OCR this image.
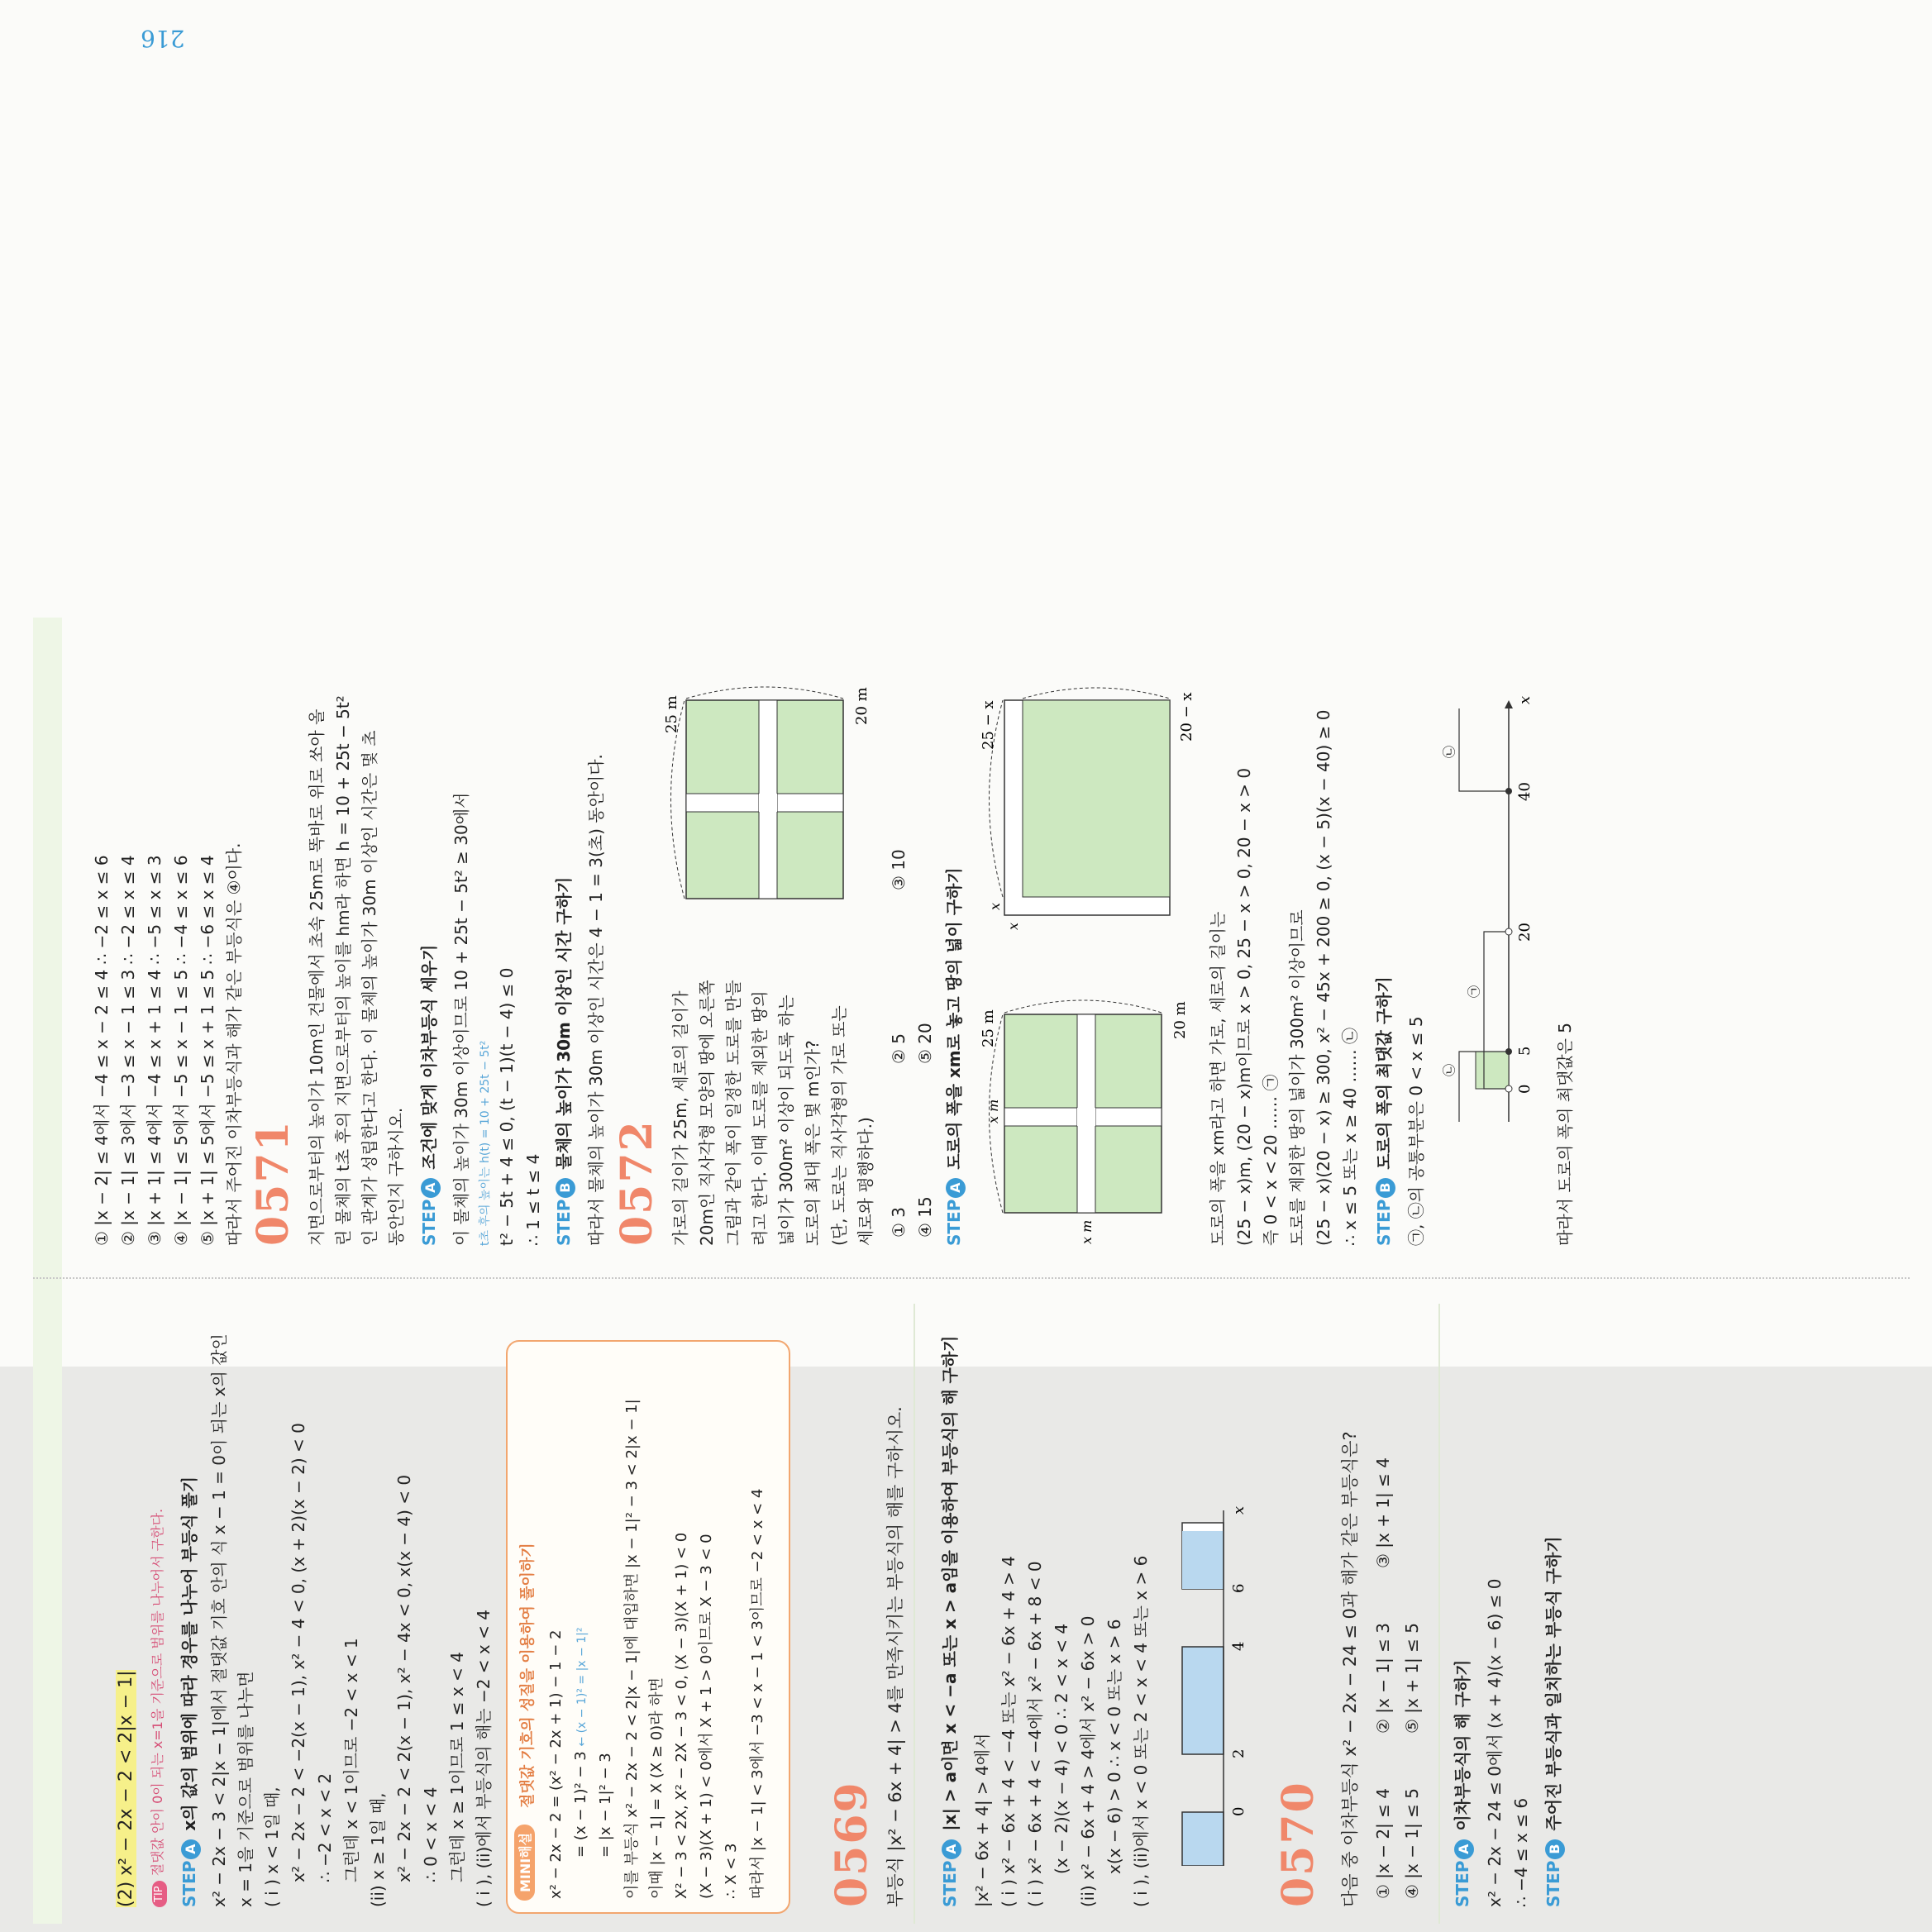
216
(2) x² − 2x − 2 < 2|x − 1|	TIP절댓값 안이 0이 되는 x=1을 기준으로 범위를 나누어서 구한다.
STEPAx의 값의 범위에 따라 경우를 나누어 부등식 풀기 x² − 2x − 3 < 2|x − 1|에서 절댓값 기호 안의 식 x − 1 = 0이 되는 x의 값인 x = 1을 기준으로 범위를 나누면 ( i ) x < 1일 때, x² − 2x − 2 < −2(x − 1), x² − 4 < 0, (x + 2)(x − 2) < 0 ∴ −2 < x < 2 그런데 x < 1이므로 −2 < x < 1 (ii) x ≥ 1일 때, x² − 2x − 2 < 2(x − 1), x² − 4x < 0, x(x − 4) < 0 ∴ 0 < x < 4 그런데 x ≥ 1이므로 1 ≤ x < 4 ( i ), (ii)에서 부등식의 해는 −2 < x < 4 MINI해설
절댓값 기호의 성질을 이용하여 풀이하기 x² − 2x − 2 = (x² − 2x + 1) − 1 − 2 = (x − 1)² − 3 ← (x − 1)² = |x − 1|²
= |x − 1|² − 3 이를 부등식 x² − 2x − 2 < 2|x − 1|에 대입하면 |x − 1|² − 3 < 2|x − 1| 이때 |x − 1| = X (X ≥ 0)라 하면 X² − 3 < 2X, X² − 2X − 3 < 0, (X − 3)(X + 1) < 0 (X − 3)(X + 1) < 0에서 X + 1 > 0이므로 X − 3 < 0 ∴ X < 3 따라서 |x − 1| < 3에서 −3 < x − 1 < 3이므로 −2 < x < 4 0569 부등식 |x² − 6x + 4| > 4를 만족시키는 부등식의 해를 구하시오. STEPA|x| > a이면 x < −a 또는 x > a임을 이용하여 부등식의 해 구하기 |x² − 6x + 4| > 4에서 ( i ) x² − 6x + 4 < −4 또는 x² − 6x + 4 > 4 ( i ) x² − 6x + 4 < −4에서 x² − 6x + 8 < 0 (x − 2)(x − 4) < 0 ∴ 2 < x < 4 (ii) x² − 6x + 4 > 4에서 x² − 6x > 0 x(x − 6) > 0 ∴ x < 0 또는 x > 6 ( i ), (ii)에서 x < 0 또는 2 < x < 4 또는 x > 6	0
2
4
6
x
0570 다음 중 이차부등식 x² − 2x − 24 ≤ 0과 해가 같은 부등식은? ① |x − 2| ≤ 4
② |x − 1| ≤ 3
③ |x + 1| ≤ 4
④ |x − 1| ≤ 5
⑤ |x + 1| ≤ 5
STEPA이차부등식의 해 구하기 x² − 2x − 24 ≤ 0에서 (x + 4)(x − 6) ≤ 0 ∴ −4 ≤ x ≤ 6 STEPB주어진 부등식과 일치하는 부등식 구하기
① |x − 2| ≤ 4에서 −4 ≤ x − 2 ≤ 4 ∴ −2 ≤ x ≤ 6 ② |x − 1| ≤ 3에서 −3 ≤ x − 1 ≤ 3 ∴ −2 ≤ x ≤ 4 ③ |x + 1| ≤ 4에서 −4 ≤ x + 1 ≤ 4 ∴ −5 ≤ x ≤ 3 ④ |x − 1| ≤ 5에서 −5 ≤ x − 1 ≤ 5 ∴ −4 ≤ x ≤ 6 ⑤ |x + 1| ≤ 5에서 −5 ≤ x + 1 ≤ 5 ∴ −6 ≤ x ≤ 4 따라서 주어진 이차부등식과 해가 같은 부등식은 ④이다. 0571 지면으로부터의 높이가 10m인 건물에서 초속 25m로 똑바로 위로 쏘아 올 린 물체의 t초 후의 지면으로부터의 높이를 hm라 하면 h = 10 + 25t − 5t² 인 관계가 성립한다고 한다. 이 물체의 높이가 30m 이상인 시간은 몇 초 동안인지 구하시오. STEPA조건에 맞게 이차부등식 세우기 이 물체의 높이가 30m 이상이므로 10 + 25t − 5t² ≥ 30에서 t초 후의 높이는 h(t) = 10 + 25t − 5t² t² − 5t + 4 ≤ 0, (t − 1)(t − 4) ≤ 0 ∴ 1 ≤ t ≤ 4 STEPB물체의 높이가 30m 이상인 시간 구하기 따라서 물체의 높이가 30m 이상인 시간은 4 − 1 = 3(초) 동안이다. 0572 가로의 길이가 25m, 세로의 길이가 20m인 직사각형 모양의 땅에 오른쪽 그림과 같이 폭이 일정한 도로를 만들 려고 한다. 이때 도로를 제외한 땅의 넓이가 300m² 이상이 되도록 하는 도로의 최대 폭은 몇 m인가? (단, 도로는 직사각형의 가로 또는 세로와 평행하다.) ① 3
② 5
③ 10
④ 15
⑤ 20
25 m	20 m
STEPA도로의 폭을 xm로 놓고 땅의 넓이 구하기 25 m	20 m
x m
x m
25 − x	20 − x
x
x	도로의 폭을 xm라고 하면 가로, 세로의 길이는 (25 − x)m, (20 − x)m이므로 x > 0, 25 − x > 0, 20 − x > 0 즉 0 < x < 20 …… ㉠ 도로를 제외한 땅의 넓이가 300m² 이상이므로 (25 − x)(20 − x) ≥ 300, x² − 45x + 200 ≥ 0, (x − 5)(x − 40) ≥ 0 ∴ x ≤ 5 또는 x ≥ 40 …… ㉡ STEPB도로의 폭의 최댓값 구하기 ㉠, ㉡의 공통부분은 0 < x ≤ 5 ㉡
㉠
㉡
0
5
20
40
x
따라서 도로의 폭의 최댓값은 5
